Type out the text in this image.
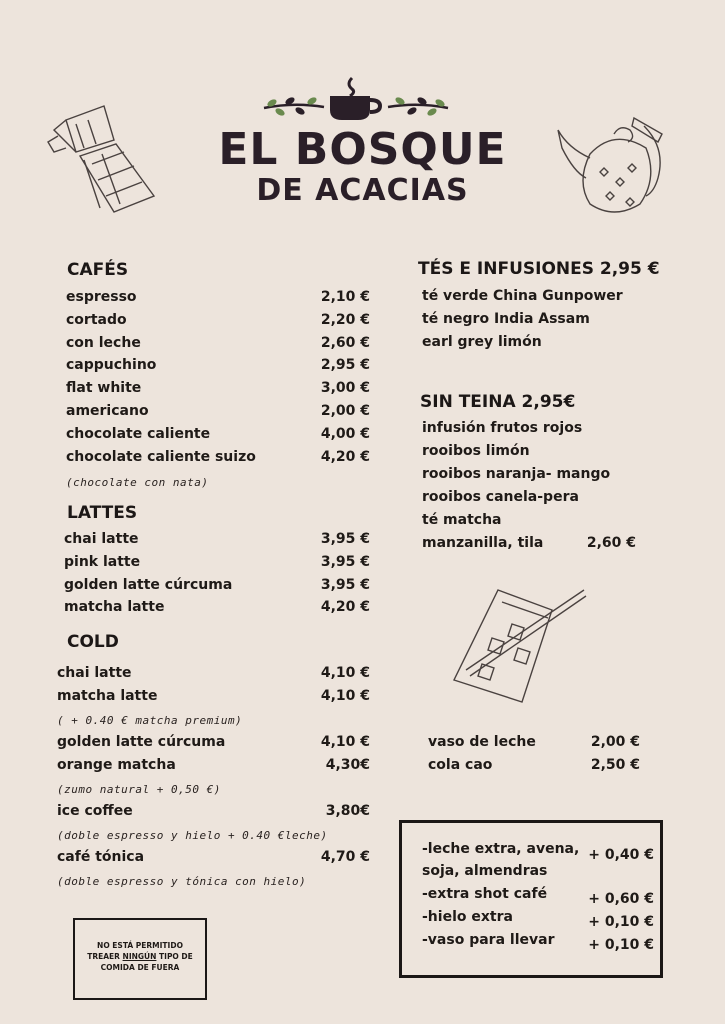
EL BOSQUE
DE ACACIAS
CAFÉS
espresso	2,10 €
cortado	2,20 €
con leche	2,60 €
cappuchino	2,95 €
flat white	3,00 €
americano	2,00 €
chocolate caliente	4,00 €
chocolate caliente suizo	4,20 €
(chocolate con nata)
LATTES
chai latte	3,95 €
pink latte	3,95 €
golden latte cúrcuma	3,95 €
matcha latte	4,20 €
COLD
chai latte	4,10 €
matcha latte	4,10 €
( + 0.40 € matcha premium)
golden latte cúrcuma	4,10 €
orange matcha	4,30€
(zumo natural + 0,50 €)
ice coffee	3,80€
(doble espresso y hielo + 0.40 €leche)
café tónica	4,70 €
(doble espresso y tónica con hielo)
NO ESTÁ PERMITIDO
TREAER NINGÚN TIPO DE
COMIDA DE FUERA
TÉS E INFUSIONES 2,95 €
té verde China Gunpower
té negro India Assam
earl grey limón
SIN TEINA 2,95€
infusión frutos rojos
rooibos limón
rooibos naranja- mango
rooibos canela-pera
té matcha
manzanilla, tila	2,60 €
vaso de leche	2,00 €
cola cao	2,50 €
-leche extra, avena,
soja, almendras
+ 0,40 €
-extra shot café	+ 0,60 €
-hielo extra	+ 0,10 €
-vaso para llevar	+ 0,10 €
